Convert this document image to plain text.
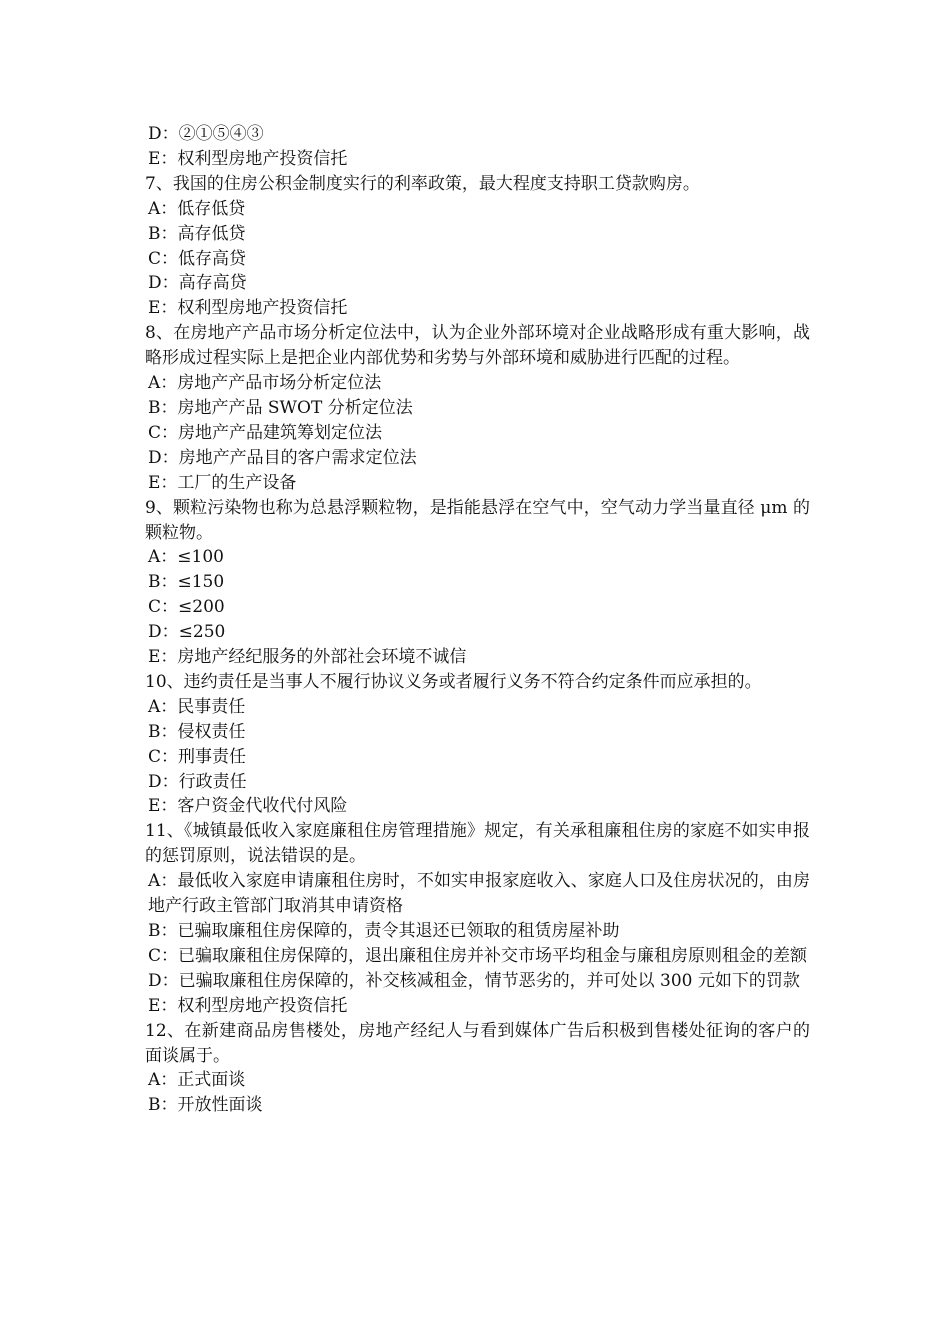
D：②①⑤④③

E：权利型房地产投资信托

7、我国的住房公积金制度实行的利率政策，最大程度支持职工贷款购房。

A：低存低贷

B：高存低贷

C：低存高贷

D：高存高贷

E：权利型房地产投资信托

8、在房地产产品市场分析定位法中，认为企业外部环境对企业战略形成有重大影响，战略形成过程实际上是把企业内部优势和劣势与外部环境和威胁进行匹配的过程。

A：房地产产品市场分析定位法

B：房地产产品 SWOT 分析定位法

C：房地产产品建筑筹划定位法

D：房地产产品目的客户需求定位法

E：工厂的生产设备

9、颗粒污染物也称为总悬浮颗粒物，是指能悬浮在空气中，空气动力学当量直径 μm 的颗粒物。

A：≤100

B：≤150

C：≤200

D：≤250

E：房地产经纪服务的外部社会环境不诚信

10、违约责任是当事人不履行协议义务或者履行义务不符合约定条件而应承担的。

A：民事责任

B：侵权责任

C：刑事责任

D：行政责任

E：客户资金代收代付风险

11、《城镇最低收入家庭廉租住房管理措施》规定，有关承租廉租住房的家庭不如实申报的惩罚原则，说法错误的是。

A：最低收入家庭申请廉租住房时，不如实申报家庭收入、家庭人口及住房状况的，由房地产行政主管部门取消其申请资格

B：已骗取廉租住房保障的，责令其退还已领取的租赁房屋补助

C：已骗取廉租住房保障的，退出廉租住房并补交市场平均租金与廉租房原则租金的差额

D：已骗取廉租住房保障的，补交核减租金，情节恶劣的，并可处以 300 元如下的罚款

E：权利型房地产投资信托

12、在新建商品房售楼处，房地产经纪人与看到媒体广告后积极到售楼处征询的客户的面谈属于。

A：正式面谈

B：开放性面谈
